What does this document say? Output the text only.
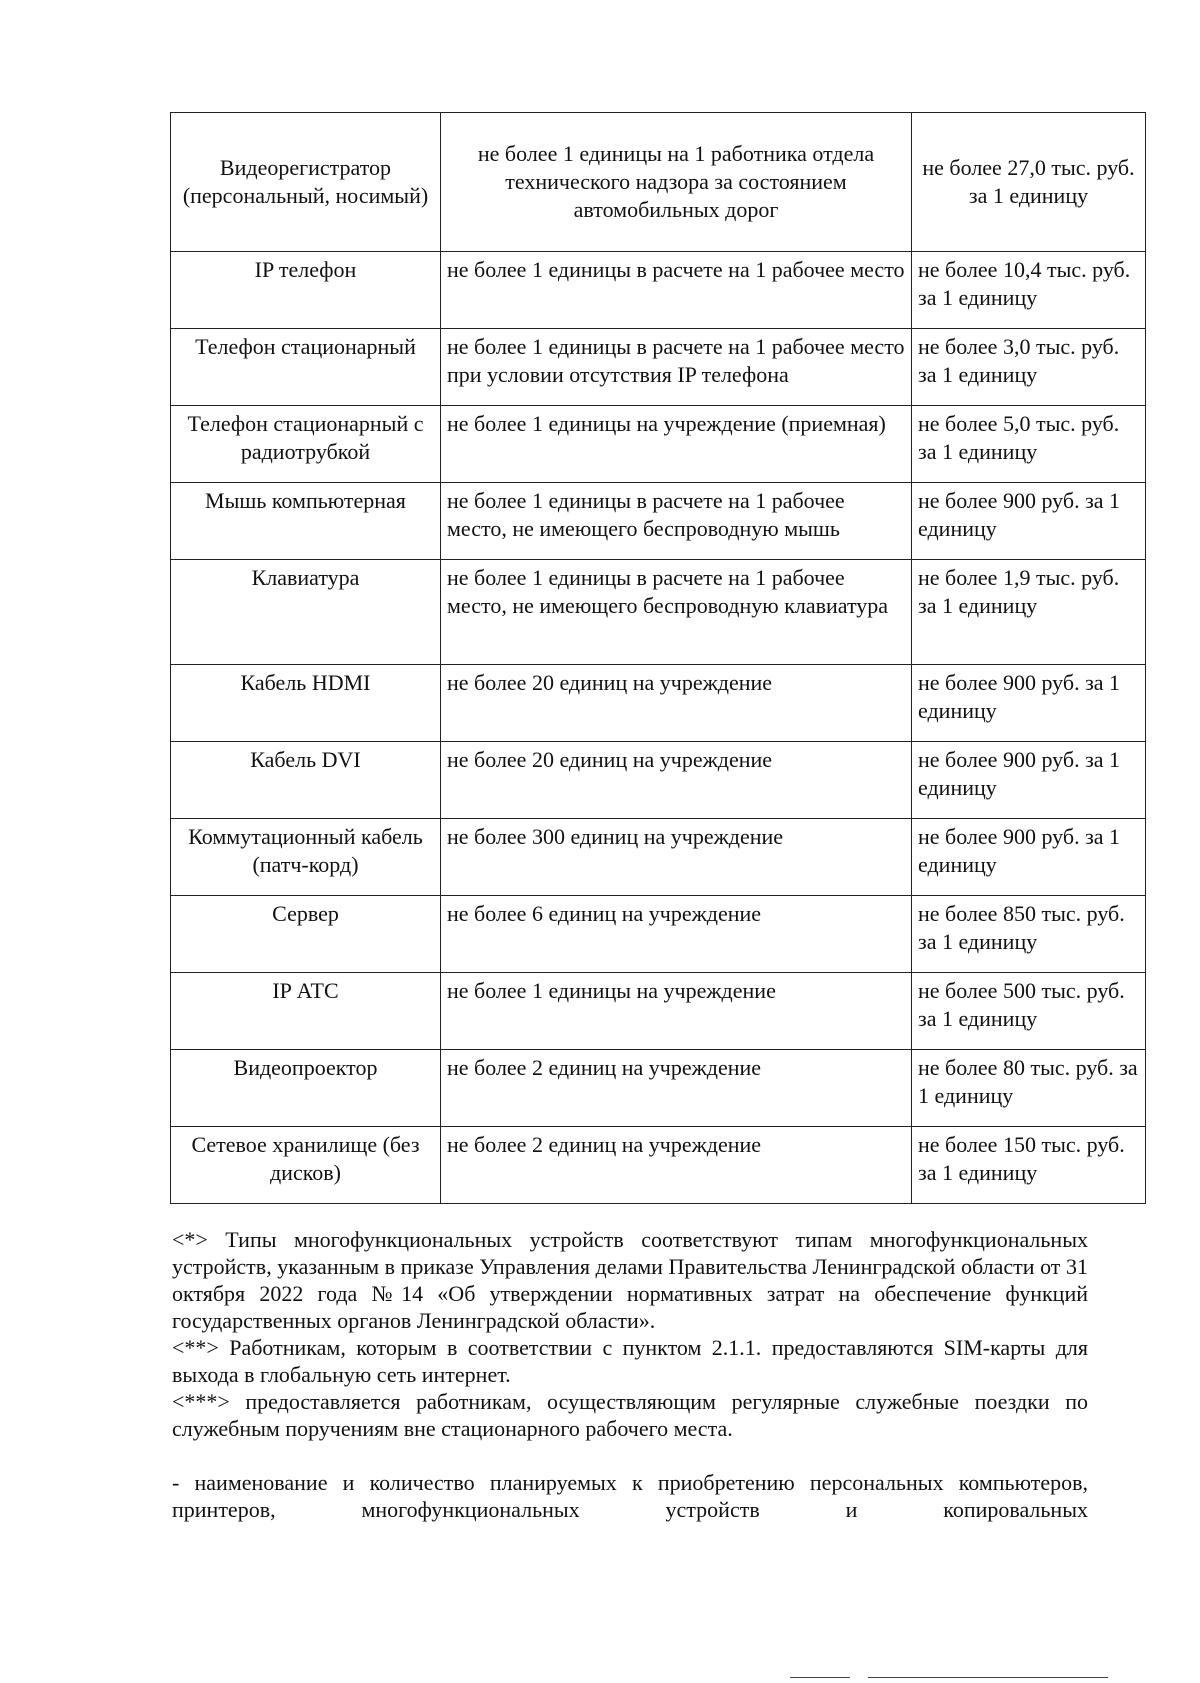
Видеорегистратор (персональный, носимый)	не более 1 единицы на 1 работника отдела технического надзора за состоянием автомобильных дорог	не более 27,0 тыс. руб. за 1 единицу
IP телефон	не более 1 единицы в расчете на 1 рабочее место	не более 10,4 тыс. руб. за 1 единицу
Телефон стационарный	не более 1 единицы в расчете на 1 рабочее место при условии отсутствия IP телефона	не более 3,0 тыс. руб. за 1 единицу
Телефон стационарный с радиотрубкой	не более 1 единицы на учреждение (приемная)	не более 5,0 тыс. руб. за 1 единицу
Мышь компьютерная	не более 1 единицы в расчете на 1 рабочее место, не имеющего беспроводную мышь	не более 900 руб. за 1 единицу
Клавиатура	не более 1 единицы в расчете на 1 рабочее место, не имеющего беспроводную клавиатура	не более 1,9 тыс. руб. за 1 единицу
Кабель HDMI	не более 20 единиц на учреждение	не более 900 руб. за 1 единицу
Кабель DVI	не более 20 единиц на учреждение	не более 900 руб. за 1 единицу
Коммутационный кабель (патч-корд)	не более 300 единиц на учреждение	не более 900 руб. за 1 единицу
Сервер	не более 6 единиц на учреждение	не более 850 тыс. руб. за 1 единицу
IP АТС	не более 1 единицы на учреждение	не более 500 тыс. руб. за 1 единицу
Видеопроектор	не более 2 единиц на учреждение	не более 80 тыс. руб. за 1 единицу
Сетевое хранилище (без дисков)	не более 2 единиц на учреждение	не более 150 тыс. руб. за 1 единицу

<*> Типы многофункциональных устройств соответствуют типам многофункциональных устройств, указанным в приказе Управления делами Правительства Ленинградской области от 31 октября 2022 года №14 «Об утверждении нормативных затрат на обеспечение функций государственных органов Ленинградской области».

<**> Работникам, которым в соответствии с пунктом 2.1.1. предоставляются SIM-карты для выхода в глобальную сеть интернет.

<***> предоставляется работникам, осуществляющим регулярные служебные поездки по служебным поручениям вне стационарного рабочего места.

- наименование и количество планируемых к приобретению персональных компьютеров, принтеров, многофункциональных устройств и копировальных
